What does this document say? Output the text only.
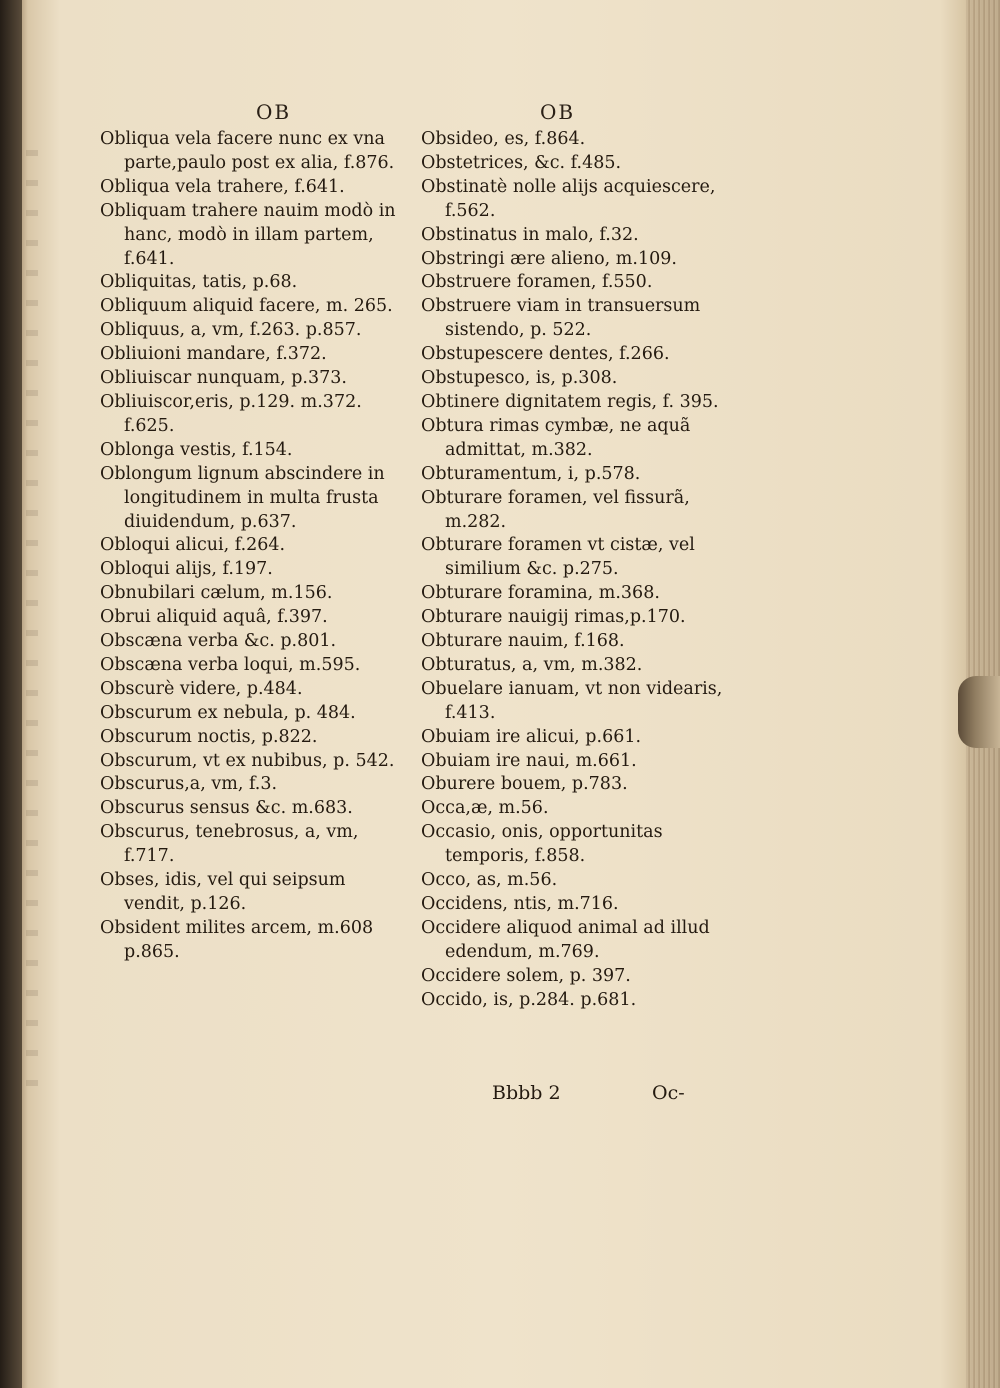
OB	OB

Obliqua vela facere nunc ex vna parte,paulo post ex alia, f.876.

Obliqua vela trahere, f.641.

Obliquam trahere nauim modò in hanc, modò in illam partem, f.641.

Obliquitas, tatis, p.68.

Obliquum aliquid facere, m. 265.

Obliquus, a, vm, f.263. p.857.

Obliuioni mandare, f.372.

Obliuiscar nunquam, p.373.

Obliuiscor,eris, p.129. m.372. f.625.

Oblonga vestis, f.154.

Oblongum lignum abscindere in longitudinem in multa frusta diuidendum, p.637.

Obloqui alicui, f.264.

Obloqui alijs, f.197.

Obnubilari cælum, m.156.

Obrui aliquid aquâ, f.397.

Obscæna verba &c. p.801.

Obscæna verba loqui, m.595.

Obscurè videre, p.484.

Obscurum ex nebula, p. 484.

Obscurum noctis, p.822.

Obscurum, vt ex nubibus, p. 542.

Obscurus,a, vm, f.3.

Obscurus sensus &c. m.683.

Obscurus, tenebrosus, a, vm, f.717.

Obses, idis, vel qui seipsum vendit, p.126.

Obsident milites arcem, m.608 p.865.

Obsideo, es, f.864.

Obstetrices, &c. f.485.

Obstinatè nolle alijs acquiescere, f.562.

Obstinatus in malo, f.32.

Obstringi ære alieno, m.109.

Obstruere foramen, f.550.

Obstruere viam in transuersum sistendo, p. 522.

Obstupescere dentes, f.266.

Obstupesco, is, p.308.

Obtinere dignitatem regis, f. 395.

Obtura rimas cymbæ, ne aquã admittat, m.382.

Obturamentum, i, p.578.

Obturare foramen, vel fissurã, m.282.

Obturare foramen vt cistæ, vel similium &c. p.275.

Obturare foramina, m.368.

Obturare nauigij rimas,p.170.

Obturare nauim, f.168.

Obturatus, a, vm, m.382.

Obuelare ianuam, vt non videaris, f.413.

Obuiam ire alicui, p.661.

Obuiam ire naui, m.661.

Oburere bouem, p.783.

Occa,æ, m.56.

Occasio, onis, opportunitas temporis, f.858.

Occo, as, m.56.

Occidens, ntis, m.716.

Occidere aliquod animal ad illud edendum, m.769.

Occidere solem, p. 397.

Occido, is, p.284. p.681.

Bbbb 2	Oc-
